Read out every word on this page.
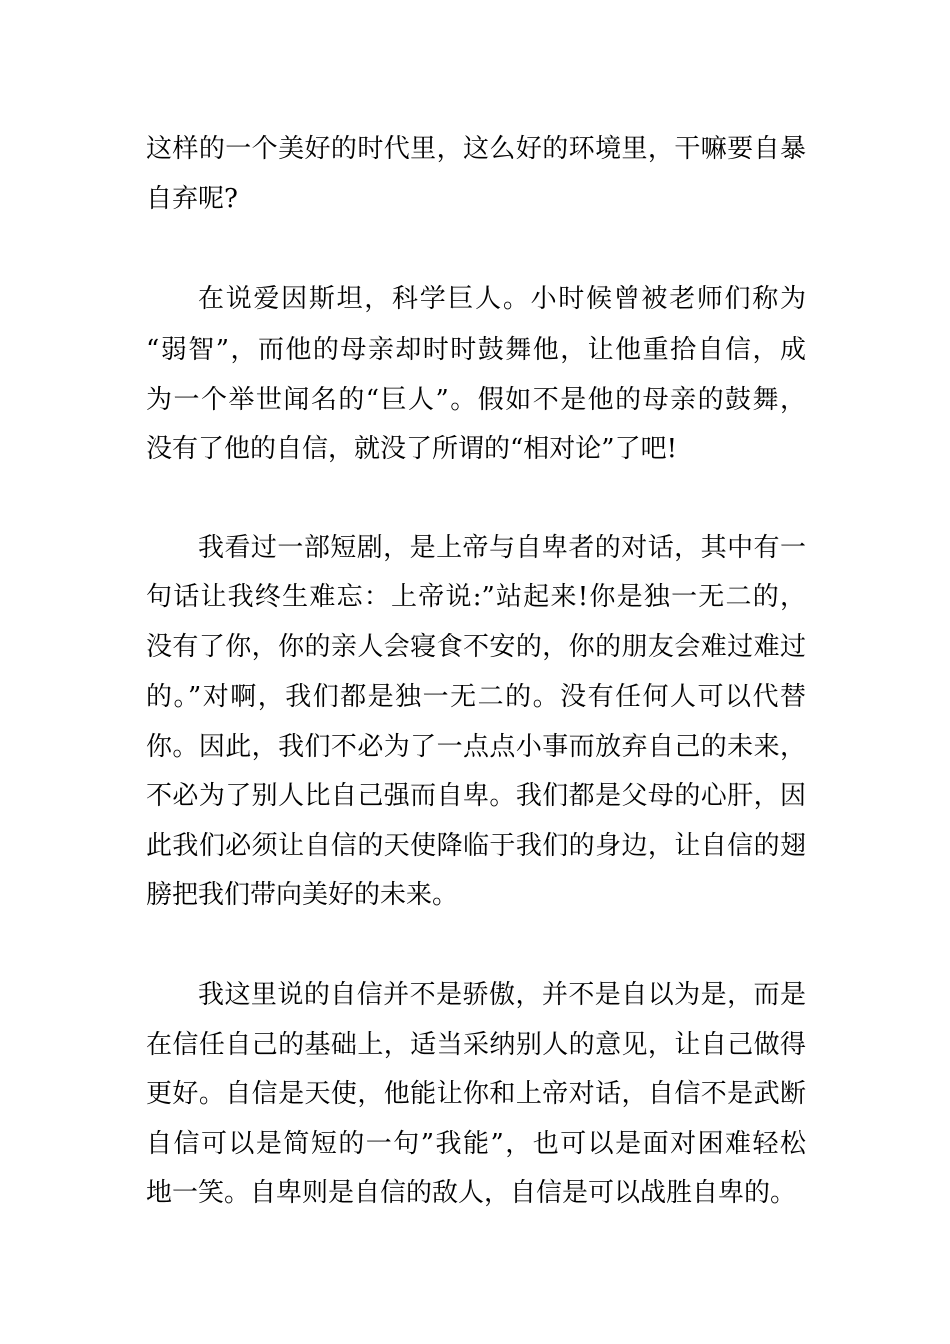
这样的一个美好的时代里，这么好的环境里，干嘛要自暴
自弃呢?
在说爱因斯坦，科学巨人。小时候曾被老师们称为
“弱智”，而他的母亲却时时鼓舞他，让他重拾自信，成
为一个举世闻名的“巨人”。假如不是他的母亲的鼓舞，
没有了他的自信，就没了所谓的“相对论”了吧!
我看过一部短剧，是上帝与自卑者的对话，其中有一
句话让我终生难忘：上帝说:”站起来!你是独一无二的，
没有了你，你的亲人会寝食不安的，你的朋友会难过难过
的。”对啊，我们都是独一无二的。没有任何人可以代替
你。因此，我们不必为了一点点小事而放弃自己的未来，
不必为了别人比自己强而自卑。我们都是父母的心肝，因
此我们必须让自信的天使降临于我们的身边，让自信的翅
膀把我们带向美好的未来。
我这里说的自信并不是骄傲，并不是自以为是，而是
在信任自己的基础上，适当采纳别人的意见，让自己做得
更好。自信是天使，他能让你和上帝对话，自信不是武断
自信可以是简短的一句”我能”，也可以是面对困难轻松
地一笑。自卑则是自信的敌人，自信是可以战胜自卑的。
